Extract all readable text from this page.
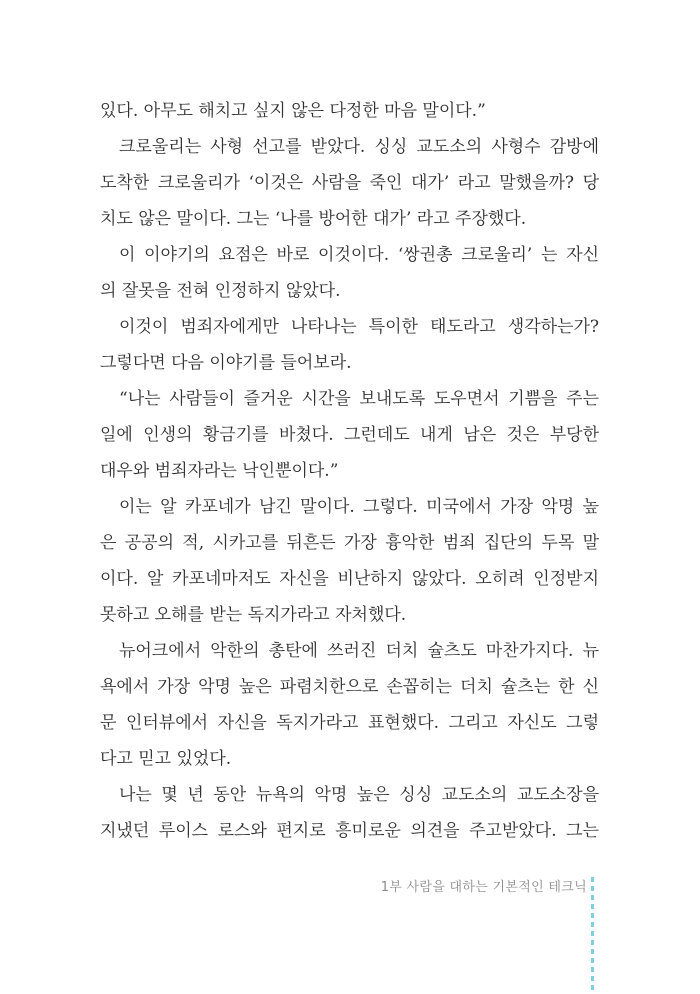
있다. 아무도 해치고 싶지 않은 다정한 마음 말이다.”
크로울리는 사형 선고를 받았다. 싱싱 교도소의 사형수 감방에
도착한 크로울리가 ‘이것은 사람을 죽인 대가’ 라고 말했을까? 당
치도 않은 말이다. 그는 ‘나를 방어한 대가’ 라고 주장했다.
이 이야기의 요점은 바로 이것이다. ‘쌍권총 크로울리’ 는 자신
의 잘못을 전혀 인정하지 않았다.
이것이 범죄자에게만 나타나는 특이한 태도라고 생각하는가?
그렇다면 다음 이야기를 들어보라.
“나는 사람들이 즐거운 시간을 보내도록 도우면서 기쁨을 주는
일에 인생의 황금기를 바쳤다. 그런데도 내게 남은 것은 부당한
대우와 범죄자라는 낙인뿐이다.”
이는 알 카포네가 남긴 말이다. 그렇다. 미국에서 가장 악명 높
은 공공의 적, 시카고를 뒤흔든 가장 흉악한 범죄 집단의 두목 말
이다. 알 카포네마저도 자신을 비난하지 않았다. 오히려 인정받지
못하고 오해를 받는 독지가라고 자처했다.
뉴어크에서 악한의 총탄에 쓰러진 더치 슐츠도 마찬가지다. 뉴
욕에서 가장 악명 높은 파렴치한으로 손꼽히는 더치 슐츠는 한 신
문 인터뷰에서 자신을 독지가라고 표현했다. 그리고 자신도 그렇
다고 믿고 있었다.
나는 몇 년 동안 뉴욕의 악명 높은 싱싱 교도소의 교도소장을
지냈던 루이스 로스와 편지로 흥미로운 의견을 주고받았다. 그는
1부 사람을 대하는 기본적인 테크닉
